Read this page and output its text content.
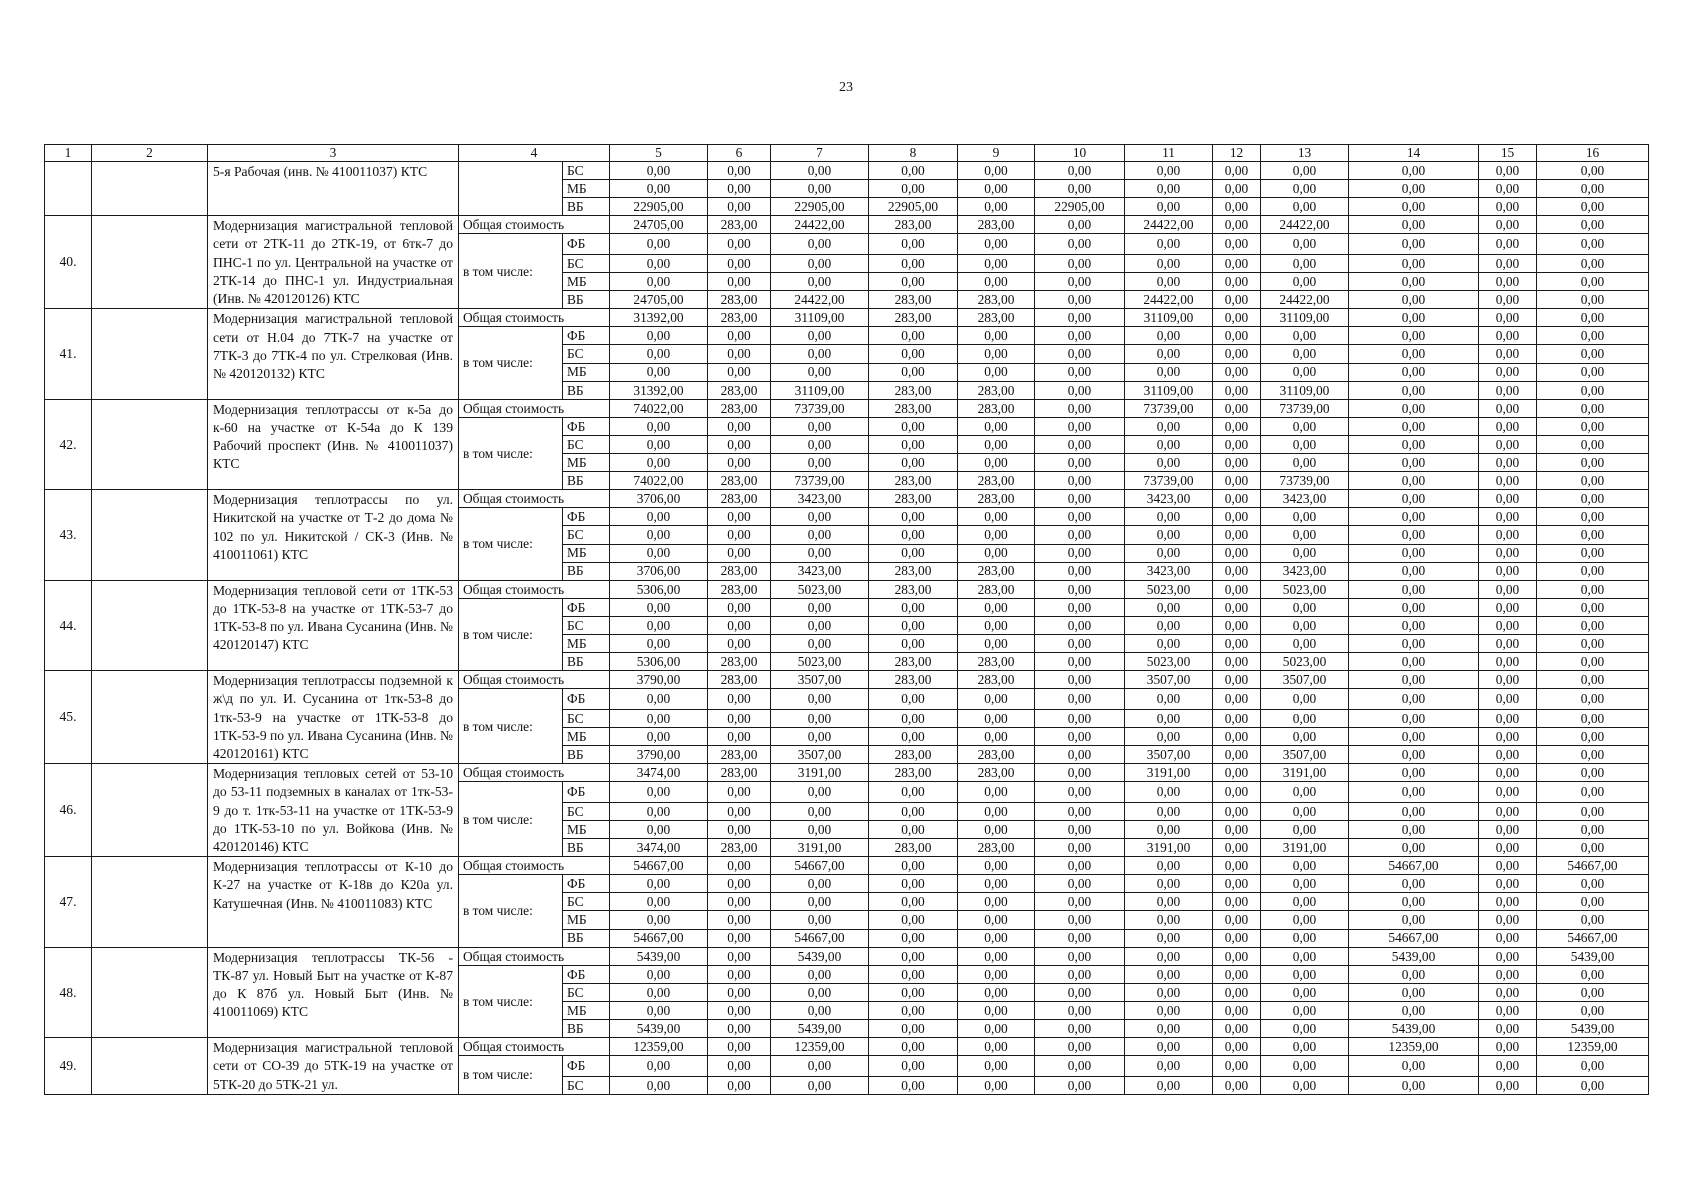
23
1	2	3	4		5	6	7	8	9	10	11	12	13	14	15	16
		5-я Рабочая (инв. № 410011037) КТС		БС	0,00	0,00	0,00	0,00	0,00	0,00	0,00	0,00	0,00	0,00	0,00	0,00
				МБ	0,00	0,00	0,00	0,00	0,00	0,00	0,00	0,00	0,00	0,00	0,00	0,00
				ВБ	22905,00	0,00	22905,00	22905,00	0,00	22905,00	0,00	0,00	0,00	0,00	0,00	0,00
40.		Модернизация магистральной тепловой сети от 2ТК-11 до 2ТК-19, от 6тк-7 до ПНС-1 по ул. Центральной на участке от 2ТК-14 до ПНС-1 ул. Индустриальная (Инв. № 420120126) КТС	Общая стоимость		24705,00	283,00	24422,00	283,00	283,00	0,00	24422,00	0,00	24422,00	0,00	0,00	0,00
			в том числе:	ФБ	0,00	0,00	0,00	0,00	0,00	0,00	0,00	0,00	0,00	0,00	0,00	0,00
				БС	0,00	0,00	0,00	0,00	0,00	0,00	0,00	0,00	0,00	0,00	0,00	0,00
				МБ	0,00	0,00	0,00	0,00	0,00	0,00	0,00	0,00	0,00	0,00	0,00	0,00
				ВБ	24705,00	283,00	24422,00	283,00	283,00	0,00	24422,00	0,00	24422,00	0,00	0,00	0,00
41.		Модернизация магистральной тепловой сети от Н.04 до 7ТК-7 на участке от 7ТК-3 до 7ТК-4 по ул. Стрелковая (Инв. № 420120132) КТС	Общая стоимость		31392,00	283,00	31109,00	283,00	283,00	0,00	31109,00	0,00	31109,00	0,00	0,00	0,00
			в том числе:	ФБ	0,00	0,00	0,00	0,00	0,00	0,00	0,00	0,00	0,00	0,00	0,00	0,00
				БС	0,00	0,00	0,00	0,00	0,00	0,00	0,00	0,00	0,00	0,00	0,00	0,00
				МБ	0,00	0,00	0,00	0,00	0,00	0,00	0,00	0,00	0,00	0,00	0,00	0,00
				ВБ	31392,00	283,00	31109,00	283,00	283,00	0,00	31109,00	0,00	31109,00	0,00	0,00	0,00
42.		Модернизация теплотрассы от к-5а до к-60 на участке от К-54а до К 139 Рабочий проспект (Инв. № 410011037) КТС	Общая стоимость		74022,00	283,00	73739,00	283,00	283,00	0,00	73739,00	0,00	73739,00	0,00	0,00	0,00
			в том числе:	ФБ	0,00	0,00	0,00	0,00	0,00	0,00	0,00	0,00	0,00	0,00	0,00	0,00
				БС	0,00	0,00	0,00	0,00	0,00	0,00	0,00	0,00	0,00	0,00	0,00	0,00
				МБ	0,00	0,00	0,00	0,00	0,00	0,00	0,00	0,00	0,00	0,00	0,00	0,00
				ВБ	74022,00	283,00	73739,00	283,00	283,00	0,00	73739,00	0,00	73739,00	0,00	0,00	0,00
43.		Модернизация теплотрассы по ул. Никитской на участке от Т-2 до дома № 102 по ул. Никитской / СК-3 (Инв. № 410011061) КТС	Общая стоимость		3706,00	283,00	3423,00	283,00	283,00	0,00	3423,00	0,00	3423,00	0,00	0,00	0,00
			в том числе:	ФБ	0,00	0,00	0,00	0,00	0,00	0,00	0,00	0,00	0,00	0,00	0,00	0,00
				БС	0,00	0,00	0,00	0,00	0,00	0,00	0,00	0,00	0,00	0,00	0,00	0,00
				МБ	0,00	0,00	0,00	0,00	0,00	0,00	0,00	0,00	0,00	0,00	0,00	0,00
				ВБ	3706,00	283,00	3423,00	283,00	283,00	0,00	3423,00	0,00	3423,00	0,00	0,00	0,00
44.		Модернизация тепловой сети от 1ТК-53 до 1ТК-53-8 на участке от 1ТК-53-7 до 1ТК-53-8 по ул. Ивана Сусанина (Инв. № 420120147) КТС	Общая стоимость		5306,00	283,00	5023,00	283,00	283,00	0,00	5023,00	0,00	5023,00	0,00	0,00	0,00
			в том числе:	ФБ	0,00	0,00	0,00	0,00	0,00	0,00	0,00	0,00	0,00	0,00	0,00	0,00
				БС	0,00	0,00	0,00	0,00	0,00	0,00	0,00	0,00	0,00	0,00	0,00	0,00
				МБ	0,00	0,00	0,00	0,00	0,00	0,00	0,00	0,00	0,00	0,00	0,00	0,00
				ВБ	5306,00	283,00	5023,00	283,00	283,00	0,00	5023,00	0,00	5023,00	0,00	0,00	0,00
45.		Модернизация теплотрассы подземной к ж\д по ул. И. Сусанина от 1тк-53-8 до 1тк-53-9 на участке от 1ТК-53-8 до 1ТК-53-9 по ул. Ивана Сусанина (Инв. № 420120161) КТС	Общая стоимость		3790,00	283,00	3507,00	283,00	283,00	0,00	3507,00	0,00	3507,00	0,00	0,00	0,00
			в том числе:	ФБ	0,00	0,00	0,00	0,00	0,00	0,00	0,00	0,00	0,00	0,00	0,00	0,00
				БС	0,00	0,00	0,00	0,00	0,00	0,00	0,00	0,00	0,00	0,00	0,00	0,00
				МБ	0,00	0,00	0,00	0,00	0,00	0,00	0,00	0,00	0,00	0,00	0,00	0,00
				ВБ	3790,00	283,00	3507,00	283,00	283,00	0,00	3507,00	0,00	3507,00	0,00	0,00	0,00
46.		Модернизация тепловых сетей от 53-10 до 53-11 подземных в каналах от 1тк-53-9 до т. 1тк-53-11 на участке от 1ТК-53-9 до 1ТК-53-10 по ул. Войкова (Инв. № 420120146) КТС	Общая стоимость		3474,00	283,00	3191,00	283,00	283,00	0,00	3191,00	0,00	3191,00	0,00	0,00	0,00
			в том числе:	ФБ	0,00	0,00	0,00	0,00	0,00	0,00	0,00	0,00	0,00	0,00	0,00	0,00
				БС	0,00	0,00	0,00	0,00	0,00	0,00	0,00	0,00	0,00	0,00	0,00	0,00
				МБ	0,00	0,00	0,00	0,00	0,00	0,00	0,00	0,00	0,00	0,00	0,00	0,00
				ВБ	3474,00	283,00	3191,00	283,00	283,00	0,00	3191,00	0,00	3191,00	0,00	0,00	0,00
47.		Модернизация теплотрассы от К-10 до К-27 на участке от К-18в до К20а ул. Катушечная (Инв. № 410011083) КТС	Общая стоимость		54667,00	0,00	54667,00	0,00	0,00	0,00	0,00	0,00	0,00	54667,00	0,00	54667,00
			в том числе:	ФБ	0,00	0,00	0,00	0,00	0,00	0,00	0,00	0,00	0,00	0,00	0,00	0,00
				БС	0,00	0,00	0,00	0,00	0,00	0,00	0,00	0,00	0,00	0,00	0,00	0,00
				МБ	0,00	0,00	0,00	0,00	0,00	0,00	0,00	0,00	0,00	0,00	0,00	0,00
				ВБ	54667,00	0,00	54667,00	0,00	0,00	0,00	0,00	0,00	0,00	54667,00	0,00	54667,00
48.		Модернизация теплотрассы ТК-56 - ТК-87 ул. Новый Быт на участке от К-87 до К 87б ул. Новый Быт (Инв. № 410011069) КТС	Общая стоимость		5439,00	0,00	5439,00	0,00	0,00	0,00	0,00	0,00	0,00	5439,00	0,00	5439,00
			в том числе:	ФБ	0,00	0,00	0,00	0,00	0,00	0,00	0,00	0,00	0,00	0,00	0,00	0,00
				БС	0,00	0,00	0,00	0,00	0,00	0,00	0,00	0,00	0,00	0,00	0,00	0,00
				МБ	0,00	0,00	0,00	0,00	0,00	0,00	0,00	0,00	0,00	0,00	0,00	0,00
				ВБ	5439,00	0,00	5439,00	0,00	0,00	0,00	0,00	0,00	0,00	5439,00	0,00	5439,00
49.		Модернизация магистральной тепловой сети от СО-39 до 5ТК-19 на участке от 5ТК-20 до 5ТК-21 ул.	Общая стоимость		12359,00	0,00	12359,00	0,00	0,00	0,00	0,00	0,00	0,00	12359,00	0,00	12359,00
			в том числе:	ФБ	0,00	0,00	0,00	0,00	0,00	0,00	0,00	0,00	0,00	0,00	0,00	0,00
				БС	0,00	0,00	0,00	0,00	0,00	0,00	0,00	0,00	0,00	0,00	0,00	0,00
